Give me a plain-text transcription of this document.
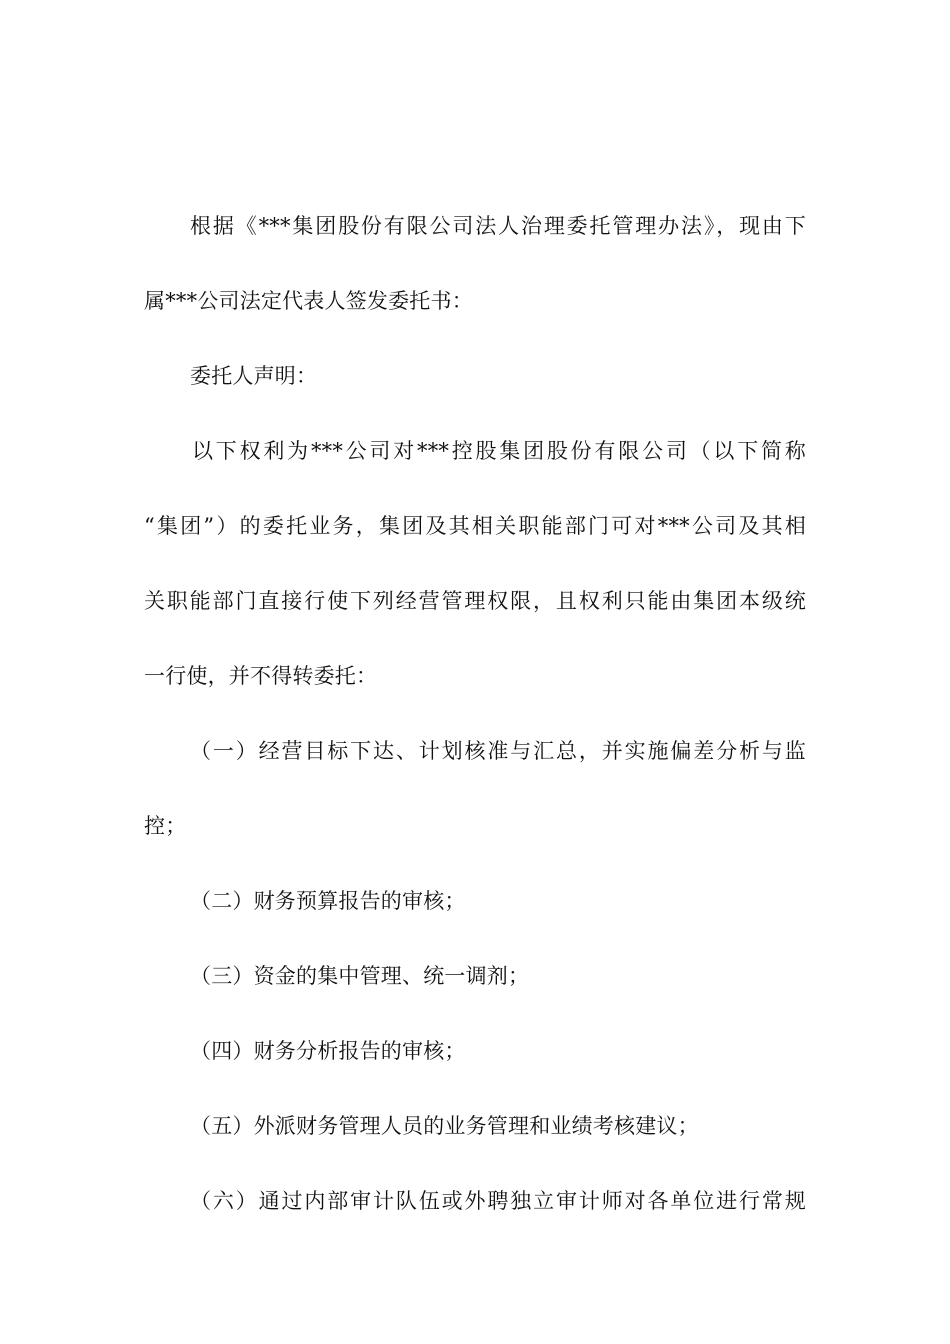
根据《***集团股份有限公司法人治理委托管理办法》，现由下
属***公司法定代表人签发委托书：
委托人声明：
以下权利为***公司对***控股集团股份有限公司（以下简称
“集团”）的委托业务，集团及其相关职能部门可对***公司及其相
关职能部门直接行使下列经营管理权限，且权利只能由集团本级统
一行使，并不得转委托：
（一）经营目标下达、计划核准与汇总，并实施偏差分析与监
控；
（二）财务预算报告的审核；
（三）资金的集中管理、统一调剂；
（四）财务分析报告的审核；
（五）外派财务管理人员的业务管理和业绩考核建议；
（六）通过内部审计队伍或外聘独立审计师对各单位进行常规
